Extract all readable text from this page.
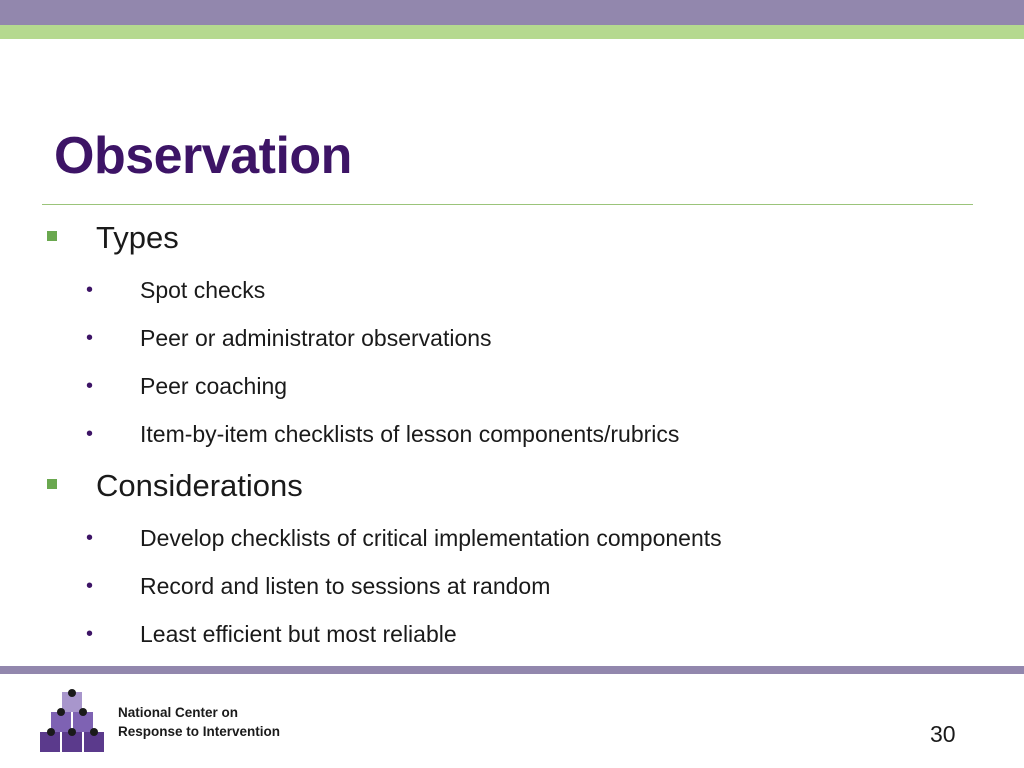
Observation
Types
• Spot checks
• Peer or administrator observations
• Peer coaching
• Item-by-item checklists of lesson components/rubrics
Considerations
• Develop checklists of critical implementation components
• Record and listen to sessions at random
• Least efficient but most reliable
National Center on
Response to Intervention	30
